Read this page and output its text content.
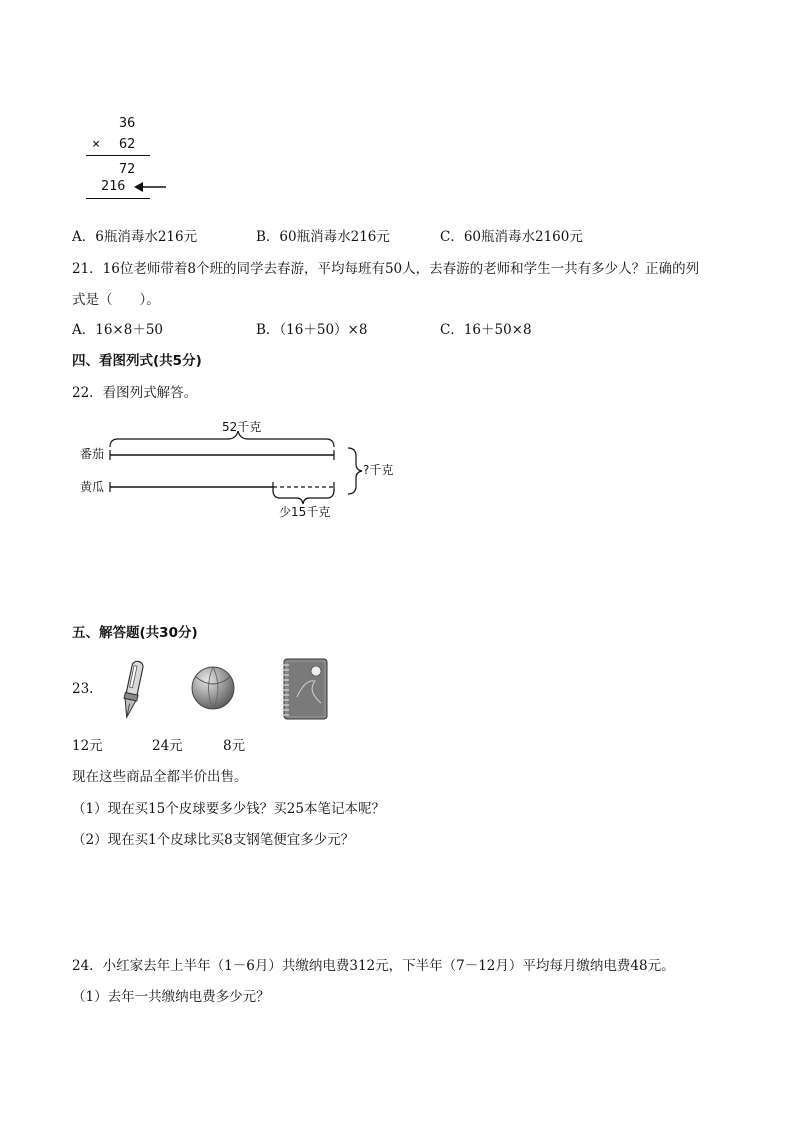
36
× 62
72
216
A．6瓶消毒水216元	B．60瓶消毒水216元	C．60瓶消毒水2160元
21．16位老师带着8个班的同学去春游，平均每班有50人，去春游的老师和学生一共有多少人？正确的列
式是（　　）。
A．16×8＋50	B．（16＋50）×8	C．16＋50×8
四、看图列式(共5分)
22．看图列式解答。
52千克
番茄
黄瓜
少15千克
?千克
五、解答题(共30分)
23．
12元	24元	8元
现在这些商品全都半价出售。
（1）现在买15个皮球要多少钱？买25本笔记本呢？
（2）现在买1个皮球比买8支钢笔便宜多少元？
24．小红家去年上半年（1－6月）共缴纳电费312元，下半年（7－12月）平均每月缴纳电费48元。
（1）去年一共缴纳电费多少元？
